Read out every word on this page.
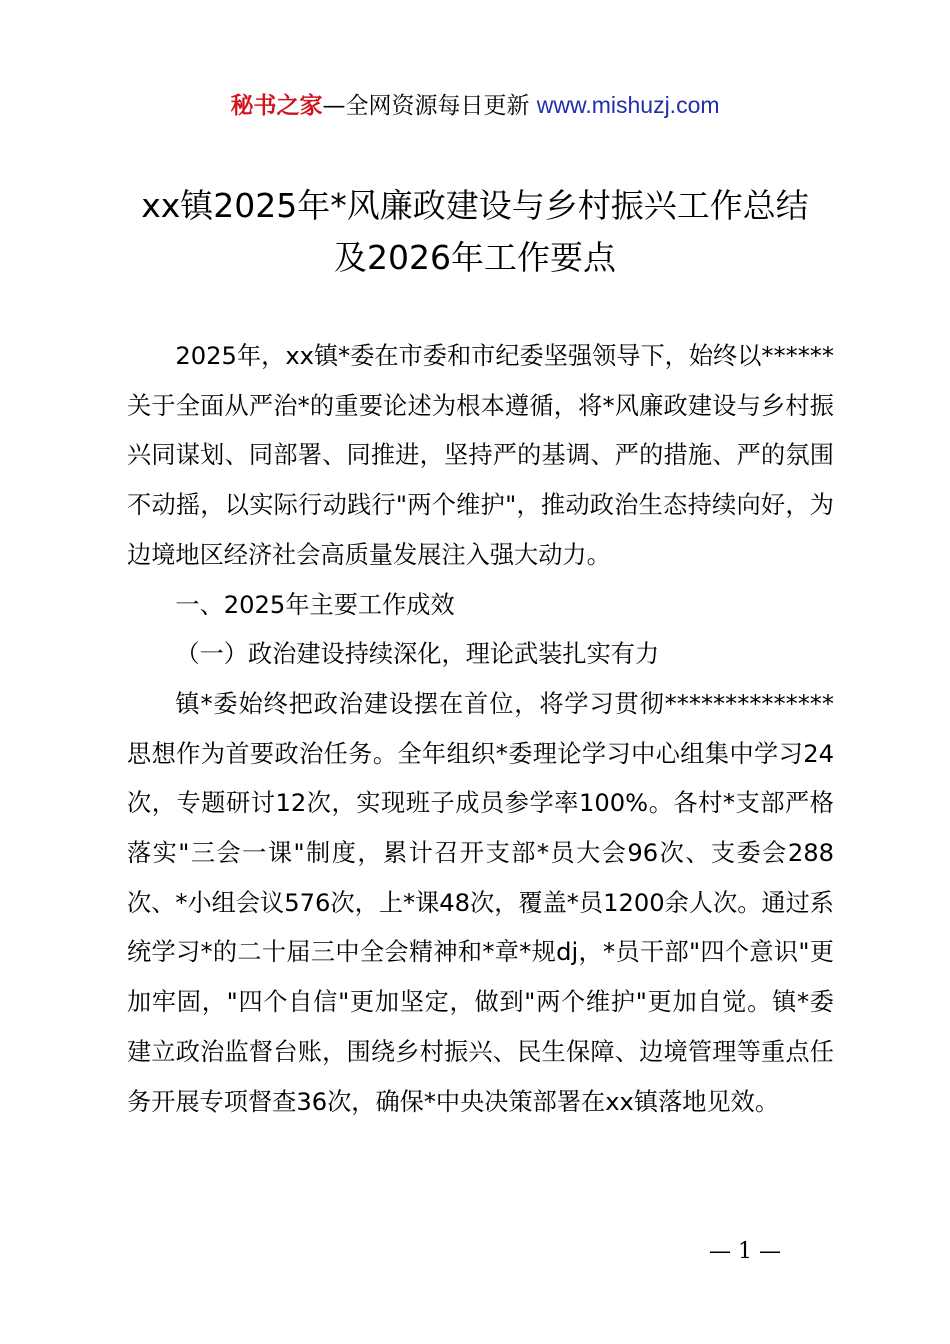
秘书之家—全网资源每日更新 www.mishuzj.com
xx镇2025年*风廉政建设与乡村振兴工作总结
及2026年工作要点

2025年，xx镇*委在市委和市纪委坚强领导下，始终以******关于全面从严治*的重要论述为根本遵循，将*风廉政建设与乡村振兴同谋划、同部署、同推进，坚持严的基调、严的措施、严的氛围不动摇，以实际行动践行"两个维护"，推动政治生态持续向好，为边境地区经济社会高质量发展注入强大动力。

一、2025年主要工作成效

（一）政治建设持续深化，理论武装扎实有力

镇*委始终把政治建设摆在首位，将学习贯彻**************思想作为首要政治任务。全年组织*委理论学习中心组集中学习24次，专题研讨12次，实现班子成员参学率100%。各村*支部严格落实"三会一课"制度，累计召开支部*员大会96次、支委会288次、*小组会议576次，上*课48次，覆盖*员1200余人次。通过系统学习*的二十届三中全会精神和*章*规dj，*员干部"四个意识"更加牢固，"四个自信"更加坚定，做到"两个维护"更加自觉。镇*委建立政治监督台账，围绕乡村振兴、民生保障、边境管理等重点任务开展专项督查36次，确保*中央决策部署在xx镇落地见效。

— 1 —
